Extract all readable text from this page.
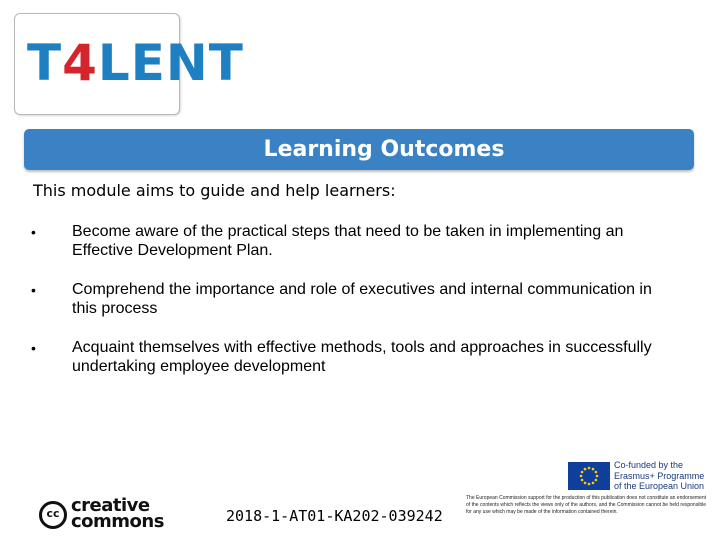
T4LENT
Learning Outcomes
This module aims to guide and help learners:
• Become aware of the practical steps that need to be taken in implementing an Effective Development Plan.
• Comprehend the importance and role of executives and internal communication in this process
• Acquaint themselves with effective methods, tools and approaches in successfully undertaking employee development
cc creative
commons	2018-1-AT01-KA202-039242
Co-funded by the
Erasmus+ Programme
of the European Union
The European Commission support for the production of this publication does not constitute an endorsement of the contents which reflects the views only of the authors, and the Commission cannot be held responsible for any use which may be made of the information contained therein.
